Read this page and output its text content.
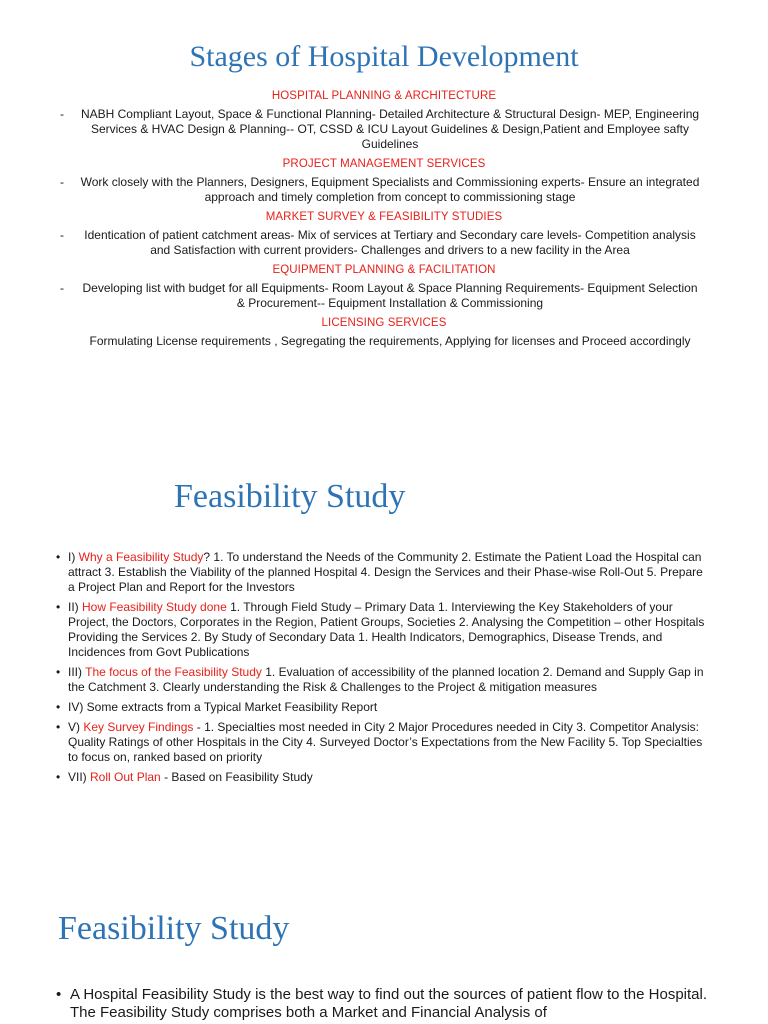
Stages of Hospital Development

HOSPITAL PLANNING & ARCHITECTURE

-	NABH Compliant Layout, Space & Functional Planning- Detailed Architecture & Structural Design- MEP, Engineering Services & HVAC Design & Planning-- OT, CSSD & ICU Layout Guidelines & Design,Patient and Employee safty Guidelines

PROJECT MANAGEMENT SERVICES

-	Work closely with the Planners, Designers, Equipment Specialists and Commissioning experts- Ensure an integrated approach and timely completion from concept to commissioning stage

MARKET SURVEY & FEASIBILITY STUDIES

-	Identication of patient catchment areas- Mix of services at Tertiary and Secondary care levels- Competition analysis and Satisfaction with current providers- Challenges and drivers to a new facility in the Area

EQUIPMENT PLANNING & FACILITATION

-	Developing list with budget for all Equipments- Room Layout & Space Planning Requirements- Equipment Selection & Procurement-- Equipment Installation & Commissioning

LICENSING SERVICES

Formulating License requirements , Segregating the requirements, Applying for licenses and Proceed accordingly

Feasibility Study
• I) Why a Feasibility Study? 1. To understand the Needs of the Community 2. Estimate the Patient Load the Hospital can attract 3. Establish the Viability of the planned Hospital 4. Design the Services and their Phase-wise Roll-Out 5. Prepare a Project Plan and Report for the Investors
• II) How Feasibility Study done 1. Through Field Study – Primary Data 1. Interviewing the Key Stakeholders of your Project, the Doctors, Corporates in the Region, Patient Groups, Societies 2. Analysing the Competition – other Hospitals Providing the Services 2. By Study of Secondary Data 1. Health Indicators, Demographics, Disease Trends, and Incidences from Govt Publications
• III) The focus of the Feasibility Study 1. Evaluation of accessibility of the planned location 2. Demand and Supply Gap in the Catchment 3. Clearly understanding the Risk & Challenges to the Project & mitigation measures
• IV) Some extracts from a Typical Market Feasibility Report
• V) Key Survey Findings - 1. Specialties most needed in City 2 Major Procedures needed in City 3. Competitor Analysis: Quality Ratings of other Hospitals in the City 4. Surveyed Doctor’s Expectations from the New Facility 5. Top Specialties to focus on, ranked based on priority
• VII) Roll Out Plan - Based on Feasibility Study
Feasibility Study
• A Hospital Feasibility Study is the best way to find out the sources of patient flow to the Hospital. The Feasibility Study comprises both a Market and Financial Analysis of
